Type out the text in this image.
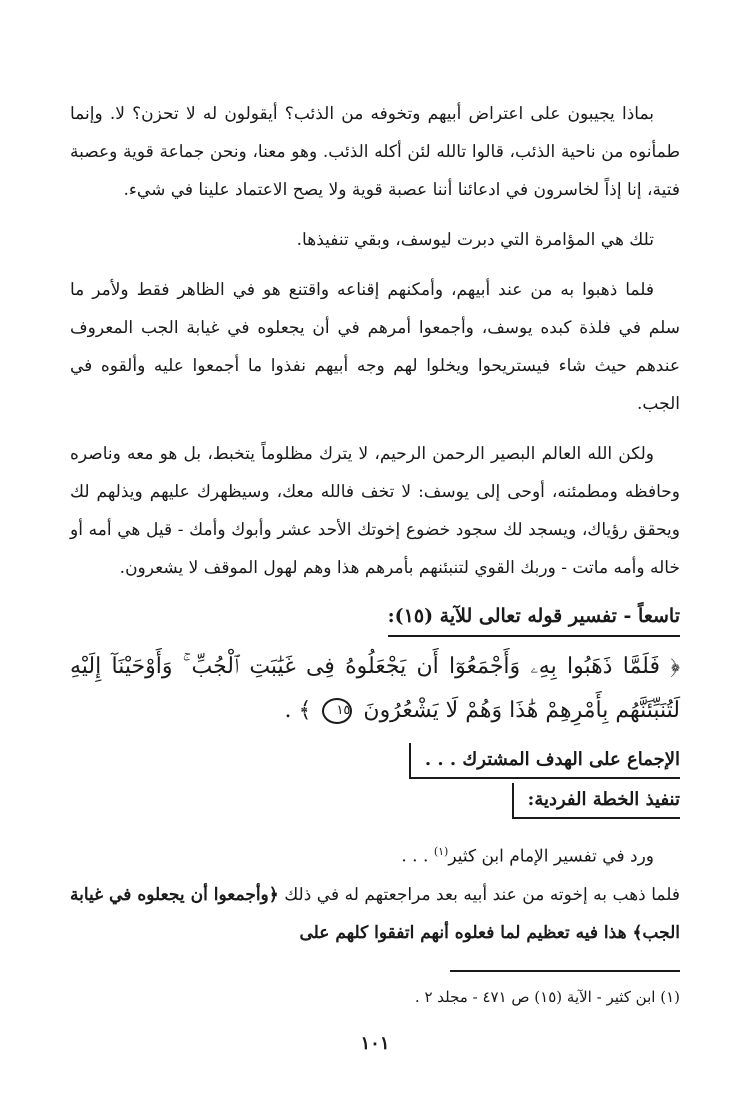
بماذا يجيبون على اعتراض أبيهم وتخوفه من الذئب؟ أيقولون له لا تحزن؟ لا. وإنما طمأنوه من ناحية الذئب، قالوا تالله لئن أكله الذئب. وهو معنا، ونحن جماعة قوية وعصبة فتية، إنا إذاً لخاسرون في ادعائنا أننا عصبة قوية ولا يصح الاعتماد علينا في شيء.

تلك هي المؤامرة التي دبرت ليوسف، وبقي تنفيذها.

فلما ذهبوا به من عند أبيهم، وأمكنهم إقناعه واقتنع هو في الظاهر فقط ولأمر ما سلم في فلذة كبده يوسف، وأجمعوا أمرهم في أن يجعلوه في غيابة الجب المعروف عندهم حيث شاء فيستريحوا ويخلوا لهم وجه أبيهم نفذوا ما أجمعوا عليه وألقوه في الجب.

ولكن الله العالم البصير الرحمن الرحيم، لا يترك مظلوماً يتخبط، بل هو معه وناصره وحافظه ومطمئنه، أوحى إلى يوسف: لا تخف فالله معك، وسيظهرك عليهم ويذلهم لك ويحقق رؤياك، ويسجد لك سجود خضوع إخوتك الأحد عشر وأبوك وأمك - قيل هي أمه أو خاله وأمه ماتت - وربك القوي لتنبئنهم بأمرهم هذا وهم لهول الموقف لا يشعرون.

تاسعاً - تفسير قوله تعالى للآية (١٥):
﴿ فَلَمَّا ذَهَبُوا بِهِۦ وَأَجْمَعُوٓا أَن يَجْعَلُوهُ فِى غَيَٰبَتِ ٱلْجُبِّ ۚ وَأَوْحَيْنَآ إِلَيْهِ لَتُنَبِّئَنَّهُم بِأَمْرِهِمْ هَٰذَا وَهُمْ لَا يَشْعُرُونَ ١٥ ﴾ .
الإجماع على الهدف المشترك . . .
تنفيذ الخطة الفردية:

ورد في تفسير الإمام ابن كثير$^{(١)}$ . . .

فلما ذهب به إخوته من عند أبيه بعد مراجعتهم له في ذلك ﴿وأجمعوا أن يجعلوه في غيابة الجب﴾ هذا فيه تعظيم لما فعلوه أنهم اتفقوا كلهم على

(١) ابن كثير - الآية (١٥) ص ٤٧١ - مجلد ٢ .
١٠١
